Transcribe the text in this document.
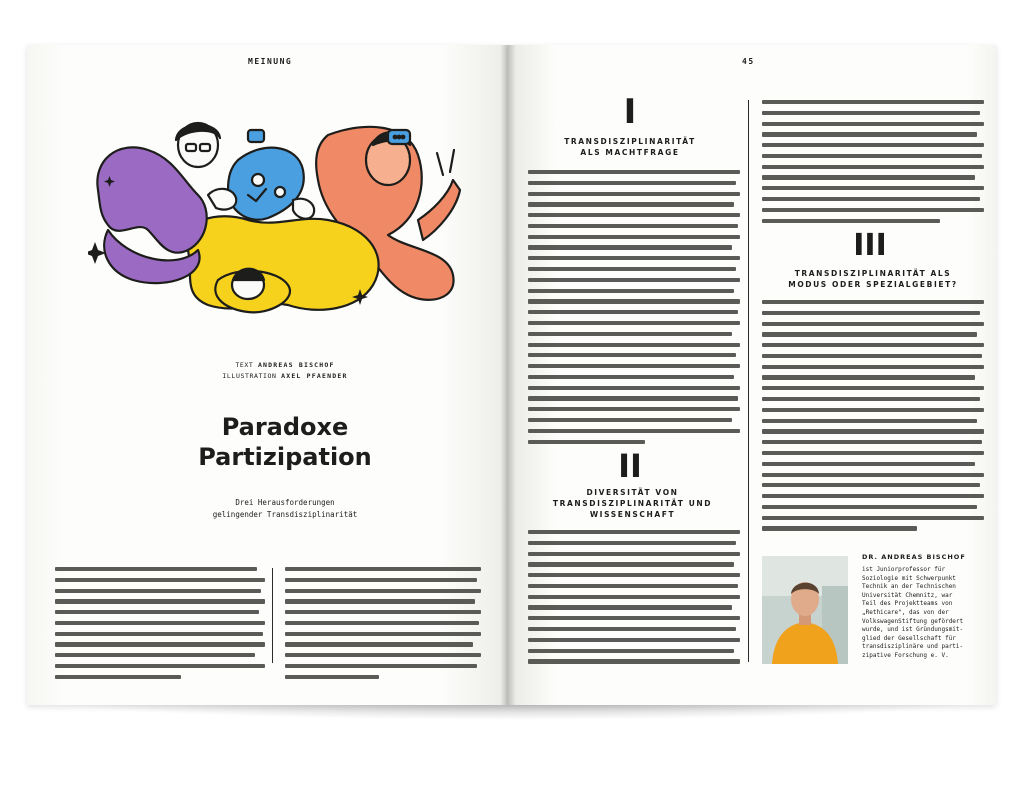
MEINUNG	45
TEXT ANDREAS BISCHOF
ILLUSTRATION AXEL PFAENDER
Paradoxe
Partizipation
Drei Herausforderungen
gelingender Transdisziplinarität
I
TRANSDISZIPLINARITÄT
ALS MACHTFRAGE
II
DIVERSITÄT VON
TRANSDISZIPLINARITÄT UND
WISSENSCHAFT
III
TRANSDISZIPLINARITÄT ALS
MODUS ODER SPEZIALGEBIET?
DR. ANDREAS BISCHOF
ist Juniorprofessor für
Soziologie mit Schwerpunkt
Technik an der Technischen
Universität Chemnitz, war
Teil des Projektteams von
„Rethicare", das von der
VolkswagenStiftung gefördert
wurde, und ist Gründungsmit-
glied der Gesellschaft für
transdisziplinäre und parti-
zipative Forschung e. V.
